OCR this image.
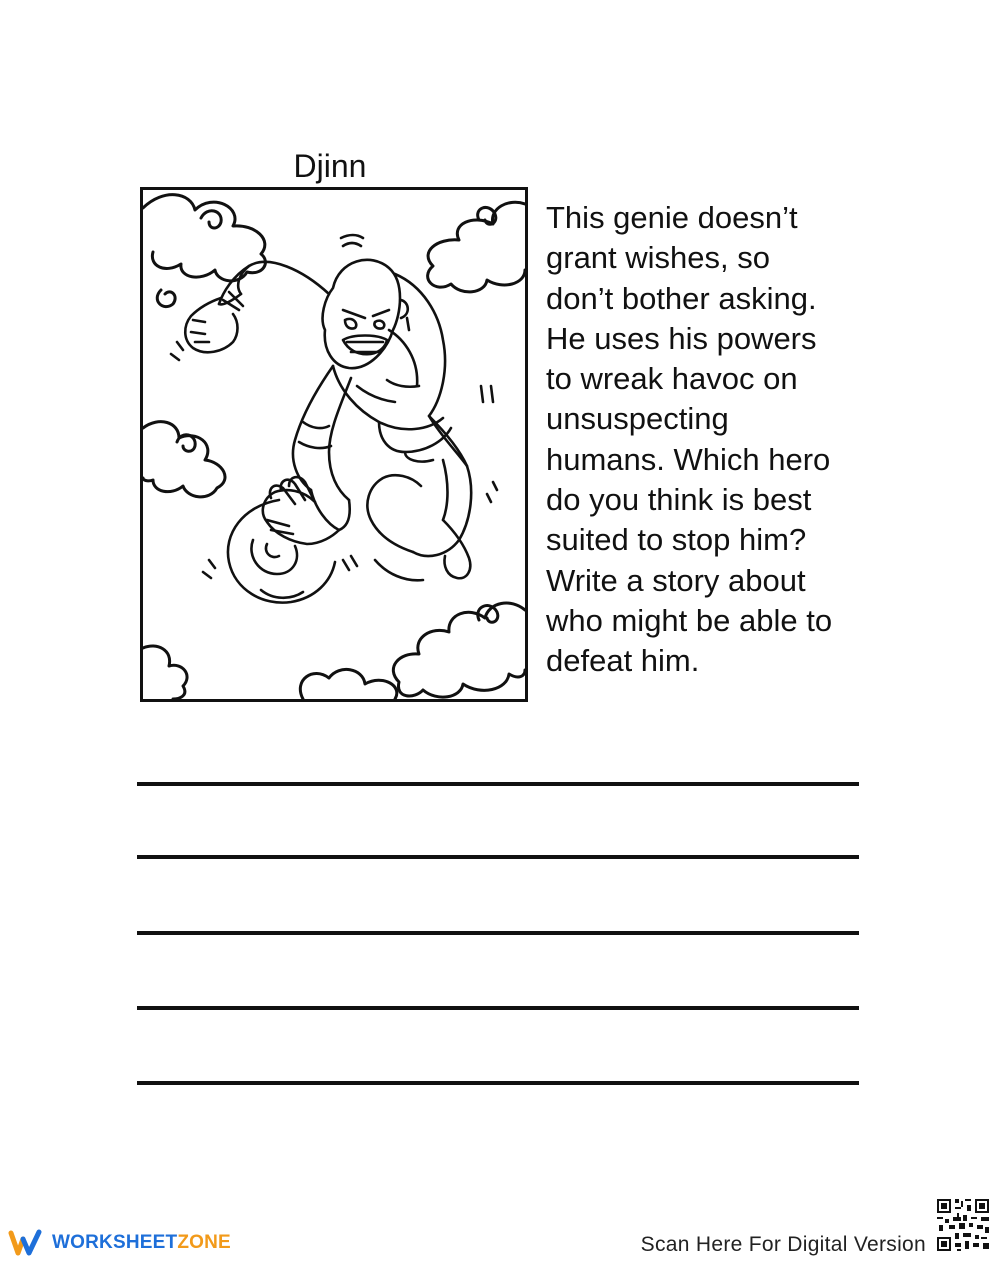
Djinn

This genie doesn’t
grant wishes, so
don’t bother asking.
He uses his powers
to wreak havoc on
unsuspecting
humans. Which hero
do you think is best
suited to stop him?
Write a story about
who might be able to
defeat him.

WORKSHEETZONE	Scan Here For Digital Version
